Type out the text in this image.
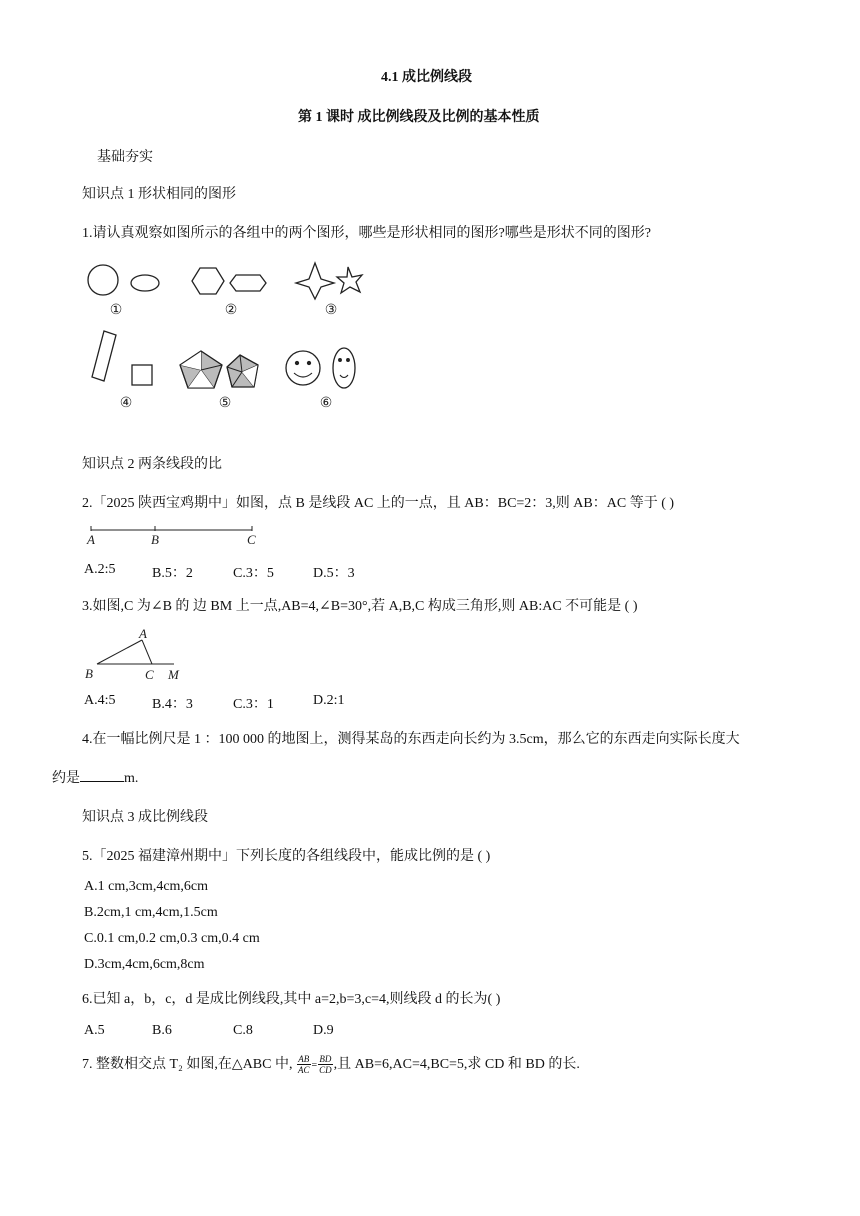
4.1 成比例线段
第 1 课时 成比例线段及比例的基本性质
基础夯实
知识点 1 形状相同的图形
1.请认真观察如图所示的各组中的两个图形，哪些是形状相同的图形?哪些是形状不同的图形?
①	②	③
④	⑤	⑥
知识点 2 两条线段的比
2.「2025 陕西宝鸡期中」如图，点 B 是线段 AC 上的一点，且 AB：BC=2：3,则 AB：AC 等于 ( )
A	B	C
A.2:5	B.5：2	C.3：5	D.5：3
3.如图,C 为∠B 的 边 BM 上一点,AB=4,∠B=30°,若 A,B,C 构成三角形,则 AB:AC 不可能是 ( )
A
B	C M
A.4:5	B.4：3	C.3：1	D.2:1
4.在一幅比例尺是 1 ：100 000 的地图上，测得某岛的东西走向长约为 3.5cm，那么它的东西走向实际长度大
约是	m.
知识点 3 成比例线段
5.「2025 福建漳州期中」下列长度的各组线段中，能成比例的是 ( )
A.1 cm,3cm,4cm,6cm
B.2cm,1 cm,4cm,1.5cm
C.0.1 cm,0.2 cm,0.3 cm,0.4 cm
D.3cm,4cm,6cm,8cm
6.已知 a，b，c，d 是成比例线段,其中 a=2,b=3,c=4,则线段 d 的长为( )
A.5	B.6	C.8	D.9
7. 整数相交点 T₂ 如图,在△ABC 中, $\frac{AB}{AC} = \frac{BD}{CD}$ ,且 AB=6,AC=4,BC=5,求 CD 和 BD 的长.
